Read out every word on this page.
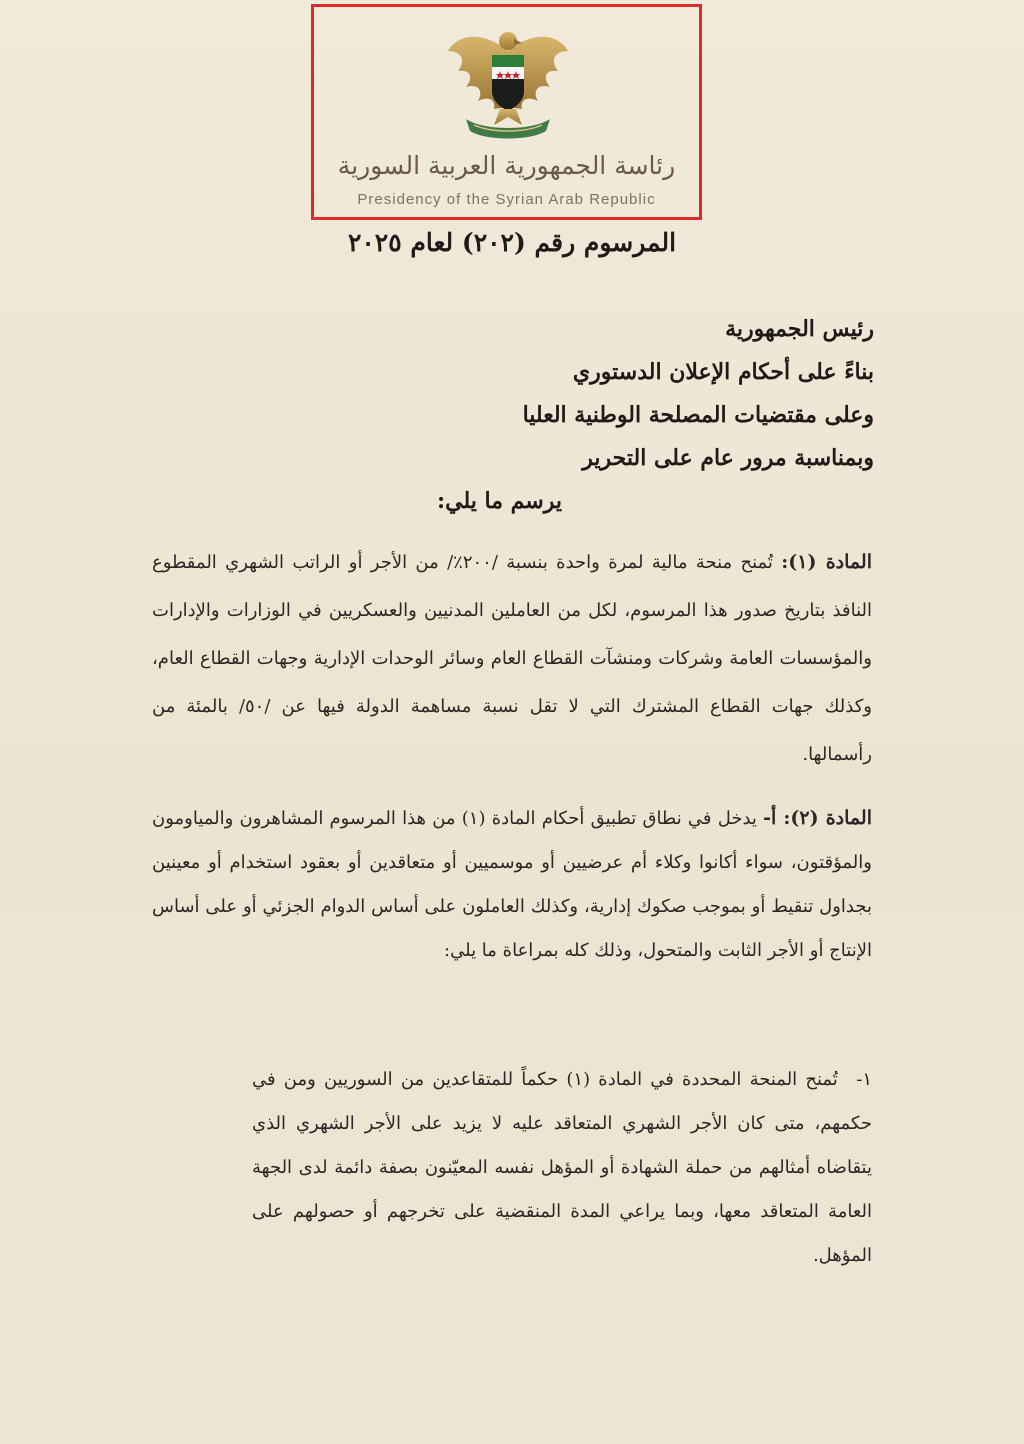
رئاسة الجمهورية العربية السورية
Presidency of the Syrian Arab Republic
المرسوم رقم (٢٠٢) لعام ٢٠٢٥
رئيس الجمهورية
بناءً على أحكام الإعلان الدستوري
وعلى مقتضيات المصلحة الوطنية العليا
وبمناسبة مرور عام على التحرير
يرسم ما يلي:
المادة (١): تُمنح منحة مالية لمرة واحدة بنسبة /٢٠٠٪/ من الأجر أو الراتب الشهري المقطوع النافذ بتاريخ صدور هذا المرسوم، لكل من العاملين المدنيين والعسكريين في الوزارات والإدارات والمؤسسات العامة وشركات ومنشآت القطاع العام وسائر الوحدات الإدارية وجهات القطاع العام، وكذلك جهات القطاع المشترك التي لا تقل نسبة مساهمة الدولة فيها عن /٥٠/ بالمئة من رأسمالها.
المادة (٢): أ- يدخل في نطاق تطبيق أحكام المادة (١) من هذا المرسوم المشاهرون والمياومون والمؤقتون، سواء أكانوا وكلاء أم عرضيين أو موسميين أو متعاقدين أو بعقود استخدام أو معينين بجداول تنقيط أو بموجب صكوك إدارية، وكذلك العاملون على أساس الدوام الجزئي أو على أساس الإنتاج أو الأجر الثابت والمتحول، وذلك كله بمراعاة ما يلي:
١- تُمنح المنحة المحددة في المادة (١) حكماً للمتقاعدين من السوريين ومن في حكمهم، متى كان الأجر الشهري المتعاقد عليه لا يزيد على الأجر الشهري الذي يتقاضاه أمثالهم من حملة الشهادة أو المؤهل نفسه المعيّنون بصفة دائمة لدى الجهة العامة المتعاقد معها، وبما يراعي المدة المنقضية على تخرجهم أو حصولهم على المؤهل.
